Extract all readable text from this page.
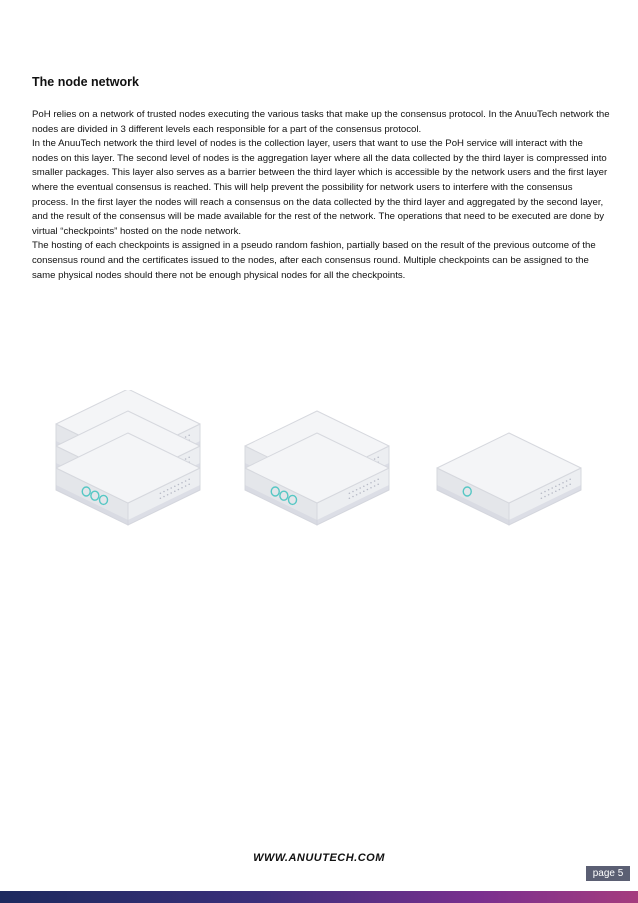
The node network

PoH relies on a network of trusted nodes executing the various tasks that make up the consensus protocol. In the AnuuTech network the nodes are divided in 3 different levels each responsible for a part of the consensus protocol.

In the AnuuTech network the third level of nodes is the collection layer, users that want to use the PoH service will interact with the nodes on this layer. The second level of nodes is the aggregation layer where all the data collected by the third layer is compressed into smaller packages. This layer also serves as a barrier between the third layer which is accessible by the network users and the first layer where the eventual consensus is reached. This will help prevent the possibility for network users to interfere with the consensus process. In the first layer the nodes will reach a consensus on the data collected by the third layer and aggregated by the second layer, and the result of the consensus will be made available for the rest of the network. The operations that need to be executed are done by virtual “checkpoints” hosted on the node network.

The hosting of each checkpoints is assigned in a pseudo random fashion, partially based on the result of the previous outcome of the consensus round and the certificates issued to the nodes, after each consensus round. Multiple checkpoints can be assigned to the same physical nodes should there not be enough physical nodes for all the checkpoints.

WWW.ANUUTECH.COM
page 5
